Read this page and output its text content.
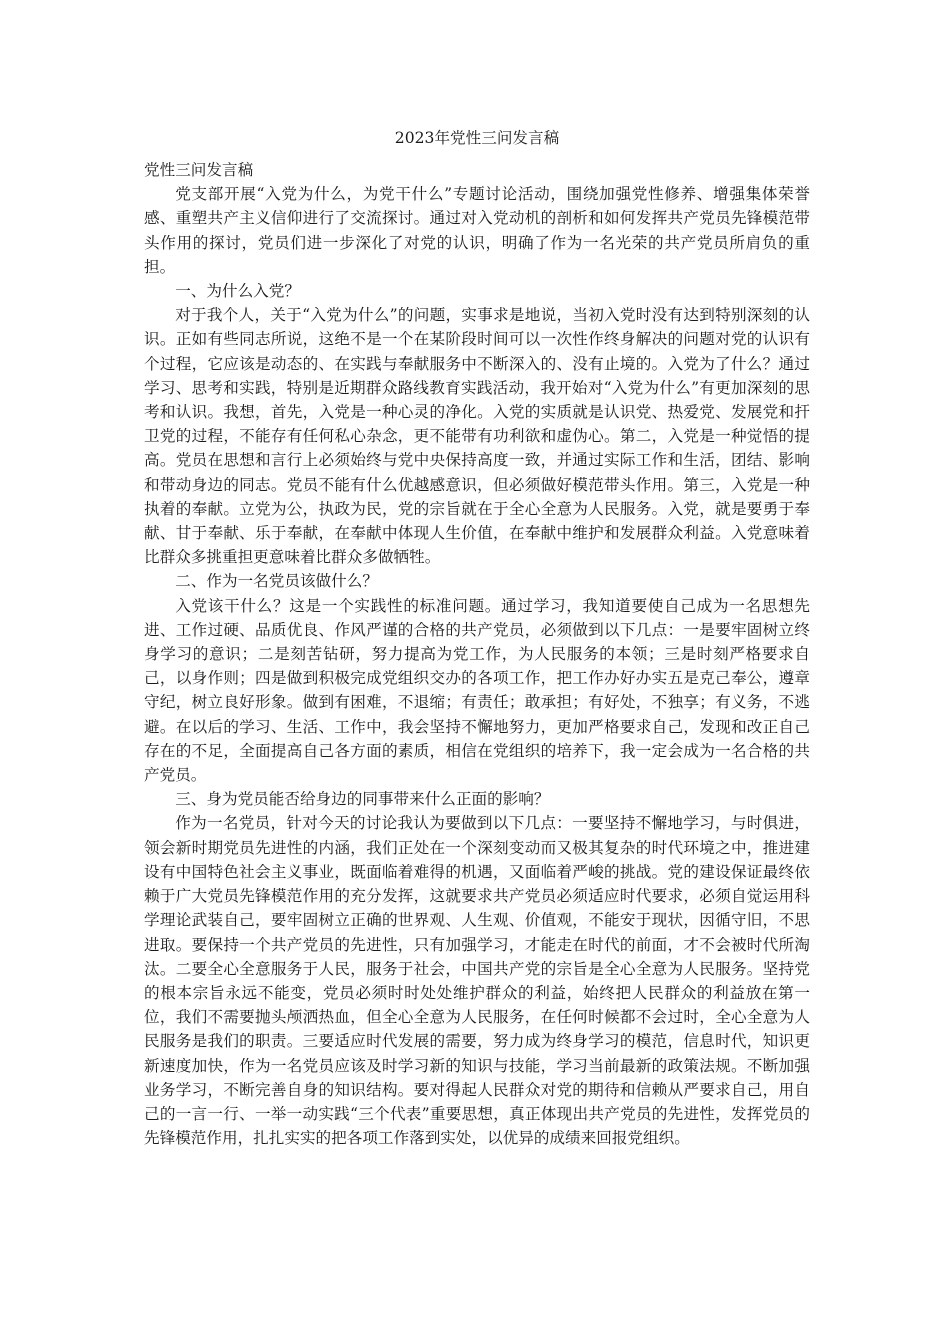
2023年党性三问发言稿

党性三问发言稿

党支部开展“入党为什么，为党干什么”专题讨论活动，围绕加强党性修养、增强集体荣誉感、重塑共产主义信仰进行了交流探讨。通过对入党动机的剖析和如何发挥共产党员先锋模范带头作用的探讨，党员们进一步深化了对党的认识，明确了作为一名光荣的共产党员所肩负的重担。

一、为什么入党？

对于我个人，关于“入党为什么”的问题，实事求是地说，当初入党时没有达到特别深刻的认识。正如有些同志所说，这绝不是一个在某阶段时间可以一次性作终身解决的问题对党的认识有个过程，它应该是动态的、在实践与奉献服务中不断深入的、没有止境的。入党为了什么？通过学习、思考和实践，特别是近期群众路线教育实践活动，我开始对“入党为什么”有更加深刻的思考和认识。我想，首先，入党是一种心灵的净化。入党的实质就是认识党、热爱党、发展党和扞卫党的过程，不能存有任何私心杂念，更不能带有功利欲和虚伪心。第二，入党是一种觉悟的提高。党员在思想和言行上必须始终与党中央保持高度一致，并通过实际工作和生活，团结、影响和带动身边的同志。党员不能有什么优越感意识，但必须做好模范带头作用。第三，入党是一种执着的奉献。立党为公，执政为民，党的宗旨就在于全心全意为人民服务。入党，就是要勇于奉献、甘于奉献、乐于奉献，在奉献中体现人生价值，在奉献中维护和发展群众利益。入党意味着比群众多挑重担更意味着比群众多做牺牲。

二、作为一名党员该做什么？

入党该干什么？这是一个实践性的标准问题。通过学习，我知道要使自己成为一名思想先进、工作过硬、品质优良、作风严谨的合格的共产党员，必须做到以下几点：一是要牢固树立终身学习的意识；二是刻苦钻研，努力提高为党工作，为人民服务的本领；三是时刻严格要求自己，以身作则；四是做到积极完成党组织交办的各项工作，把工作办好办实五是克己奉公，遵章守纪，树立良好形象。做到有困难，不退缩；有责任；敢承担；有好处，不独享；有义务，不逃避。在以后的学习、生活、工作中，我会坚持不懈地努力，更加严格要求自己，发现和改正自己存在的不足，全面提高自己各方面的素质，相信在党组织的培养下，我一定会成为一名合格的共产党员。

三、身为党员能否给身边的同事带来什么正面的影响？

作为一名党员，针对今天的讨论我认为要做到以下几点：一要坚持不懈地学习，与时俱进，领会新时期党员先进性的内涵，我们正处在一个深刻变动而又极其复杂的时代环境之中，推进建设有中国特色社会主义事业，既面临着难得的机遇，又面临着严峻的挑战。党的建设保证最终依赖于广大党员先锋模范作用的充分发挥，这就要求共产党员必须适应时代要求，必须自觉运用科学理论武装自己，要牢固树立正确的世界观、人生观、价值观，不能安于现状，因循守旧，不思进取。要保持一个共产党员的先进性，只有加强学习，才能走在时代的前面，才不会被时代所淘汰。二要全心全意服务于人民，服务于社会，中国共产党的宗旨是全心全意为人民服务。坚持党的根本宗旨永远不能变，党员必须时时处处维护群众的利益，始终把人民群众的利益放在第一位，我们不需要抛头颅洒热血，但全心全意为人民服务，在任何时候都不会过时，全心全意为人民服务是我们的职责。三要适应时代发展的需要，努力成为终身学习的模范，信息时代，知识更新速度加快，作为一名党员应该及时学习新的知识与技能，学习当前最新的政策法规。不断加强业务学习，不断完善自身的知识结构。要对得起人民群众对党的期待和信赖从严要求自己，用自己的一言一行、一举一动实践“三个代表”重要思想，真正体现出共产党员的先进性，发挥党员的先锋模范作用，扎扎实实的把各项工作落到实处，以优异的成绩来回报党组织。
